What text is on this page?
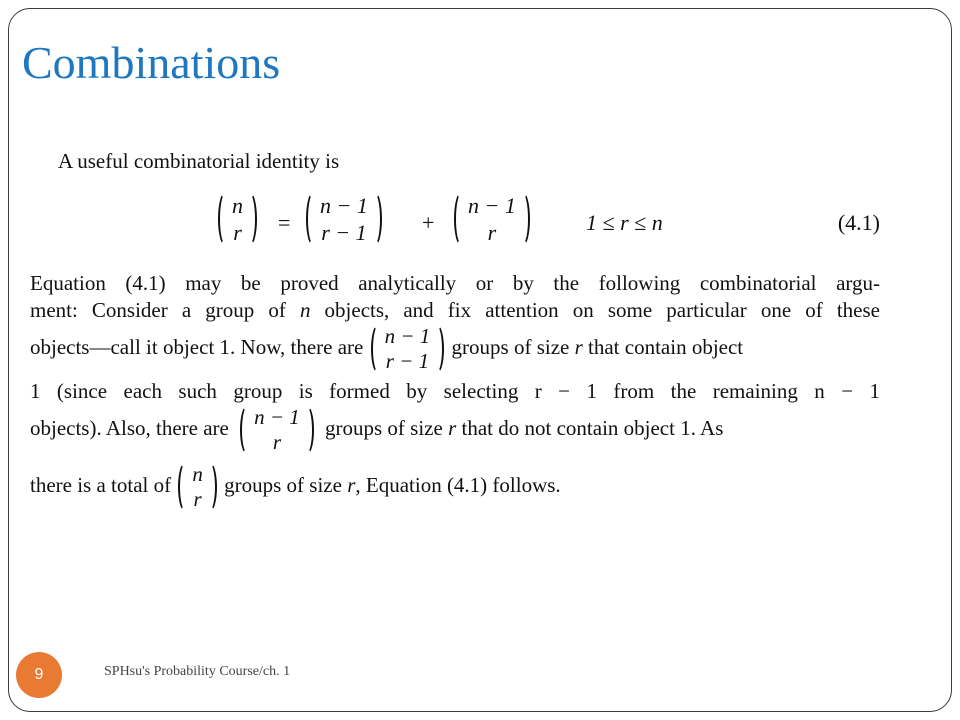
Combinations
A useful combinatorial identity is
n
r =
n − 1
r − 1	+
n − 1
r	1 ≤ r ≤ n	(4.1)
Equation (4.1) may be proved analytically or by the following combinatorial argu-
ment: Consider a group of n objects, and fix attention on some particular one of these
objects—call it object 1. Now, there are n − 1
r − 1
groups of size r that contain object
1 (since each such group is formed by selecting r − 1 from the remaining n − 1
objects). Also, there are n − 1
r
groups of size r that do not contain object 1. As
there is a total of n
r
groups of size r, Equation (4.1) follows.
9	SPHsu's Probability Course/ch. 1
